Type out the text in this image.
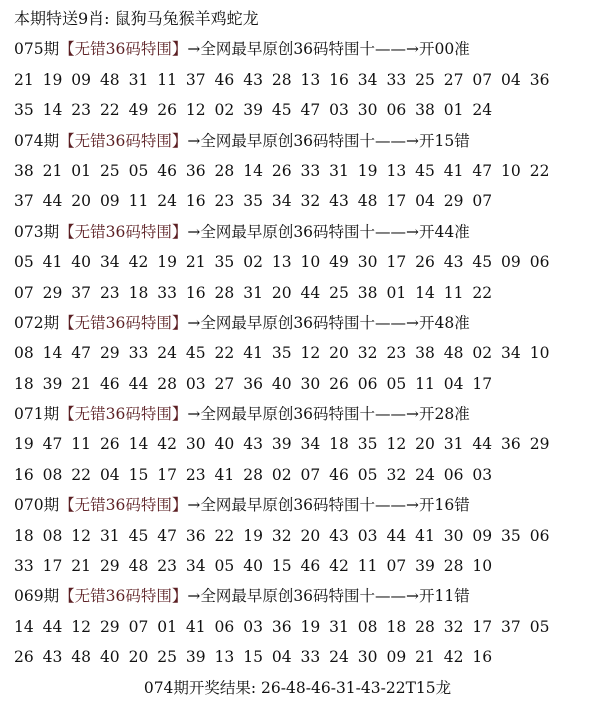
本期特送9肖: 鼠狗马兔猴羊鸡蛇龙
075期【无错36码特围】→全网最早原创36码特围十——→开00准
21 19 09 48 31 11 37 46 43 28 13 16 34 33 25 27 07 04 36
35 14 23 22 49 26 12 02 39 45 47 03 30 06 38 01 24
074期【无错36码特围】→全网最早原创36码特围十——→开15错
38 21 01 25 05 46 36 28 14 26 33 31 19 13 45 41 47 10 22
37 44 20 09 11 24 16 23 35 34 32 43 48 17 04 29 07
073期【无错36码特围】→全网最早原创36码特围十——→开44准
05 41 40 34 42 19 21 35 02 13 10 49 30 17 26 43 45 09 06
07 29 37 23 18 33 16 28 31 20 44 25 38 01 14 11 22
072期【无错36码特围】→全网最早原创36码特围十——→开48准
08 14 47 29 33 24 45 22 41 35 12 20 32 23 38 48 02 34 10
18 39 21 46 44 28 03 27 36 40 30 26 06 05 11 04 17
071期【无错36码特围】→全网最早原创36码特围十——→开28准
19 47 11 26 14 42 30 40 43 39 34 18 35 12 20 31 44 36 29
16 08 22 04 15 17 23 41 28 02 07 46 05 32 24 06 03
070期【无错36码特围】→全网最早原创36码特围十——→开16错
18 08 12 31 45 47 36 22 19 32 20 43 03 44 41 30 09 35 06
33 17 21 29 48 23 34 05 40 15 46 42 11 07 39 28 10
069期【无错36码特围】→全网最早原创36码特围十——→开11错
14 44 12 29 07 01 41 06 03 36 19 31 08 18 28 32 17 37 05
26 43 48 40 20 25 39 13 15 04 33 24 30 09 21 42 16
074期开奖结果: 26-48-46-31-43-22T15龙
